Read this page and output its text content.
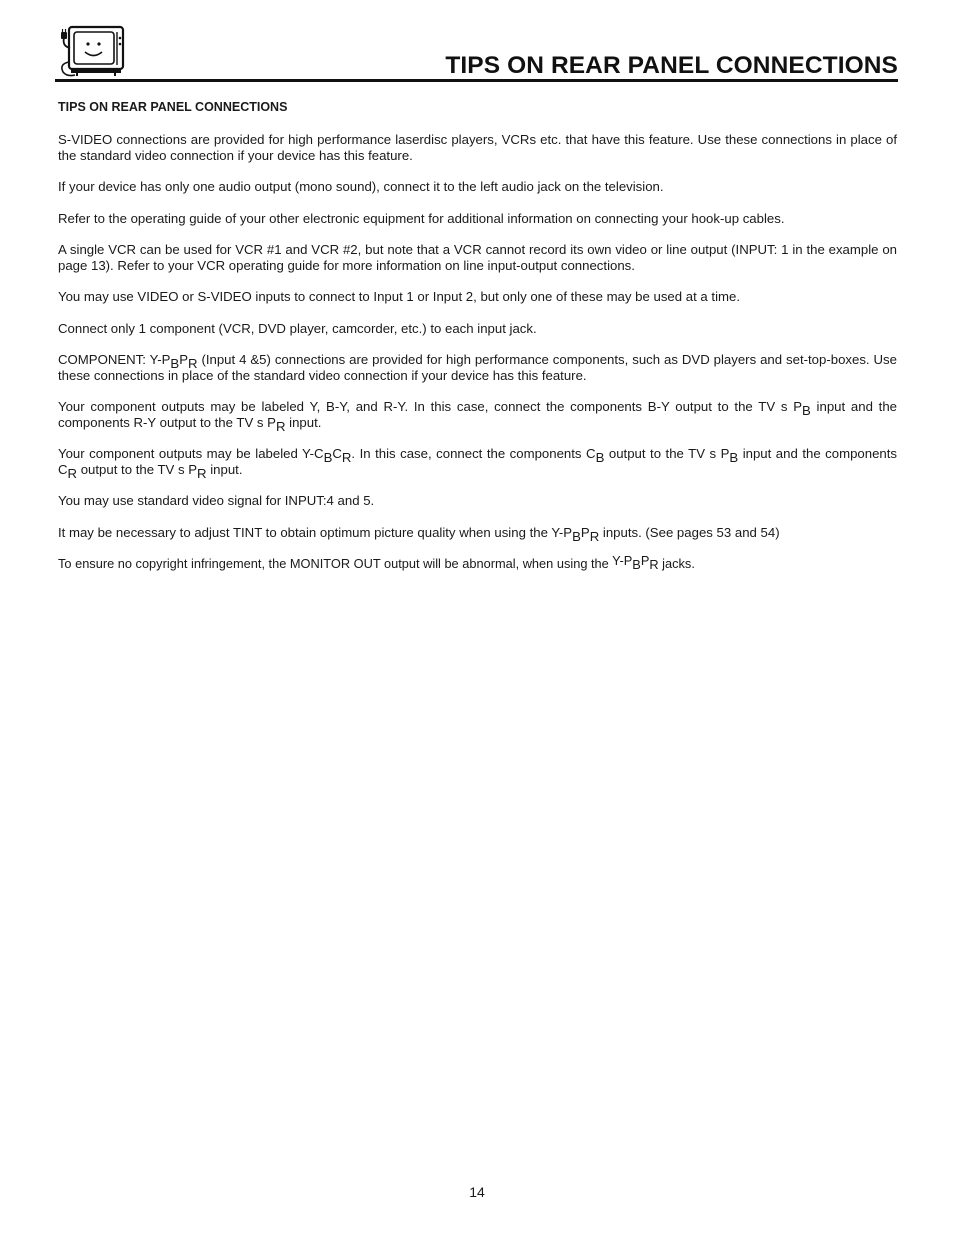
TIPS ON REAR PANEL CONNECTIONS
TIPS ON REAR PANEL CONNECTIONS

S-VIDEO connections are provided for high performance laserdisc players, VCRs etc. that have this feature. Use these connections in place of the standard video connection if your device has this feature.

If your device has only one audio output (mono sound), connect it to the left audio jack on the television.

Refer to the operating guide of your other electronic equipment for additional information on connecting your hook-up cables.

A single VCR can be used for VCR #1 and VCR #2, but note that a VCR cannot record its own video or line output (INPUT: 1 in the example on page 13). Refer to your VCR operating guide for more information on line input-output connections.

You may use VIDEO or S-VIDEO inputs to connect to Input 1 or Input 2, but only one of these may be used at a time.

Connect only 1 component (VCR, DVD player, camcorder, etc.) to each input jack.

COMPONENT: $Y-P_BP_R$ (Input 4 &5) connections are provided for high performance components, such as DVD players and set-top-boxes. Use these connections in place of the standard video connection if your device has this feature.

Your component outputs may be labeled Y, B-Y, and R-Y. In this case, connect the components B-Y output to the TV s $P_B$ input and the components R-Y output to the TV s $P_R$ input.

Your component outputs may be labeled $Y-C_BC_R$. In this case, connect the components $C_B$ output to the TV s $P_B$ input and the components $C_R$ output to the TV s $P_R$ input.

You may use standard video signal for INPUT:4 and 5.

It may be necessary to adjust TINT to obtain optimum picture quality when using the $Y-P_BP_R$ inputs. (See pages 53 and 54)

To ensure no copyright infringement, the MONITOR OUT output will be abnormal, when using the $Y-P_BP_R$ jacks.

14
